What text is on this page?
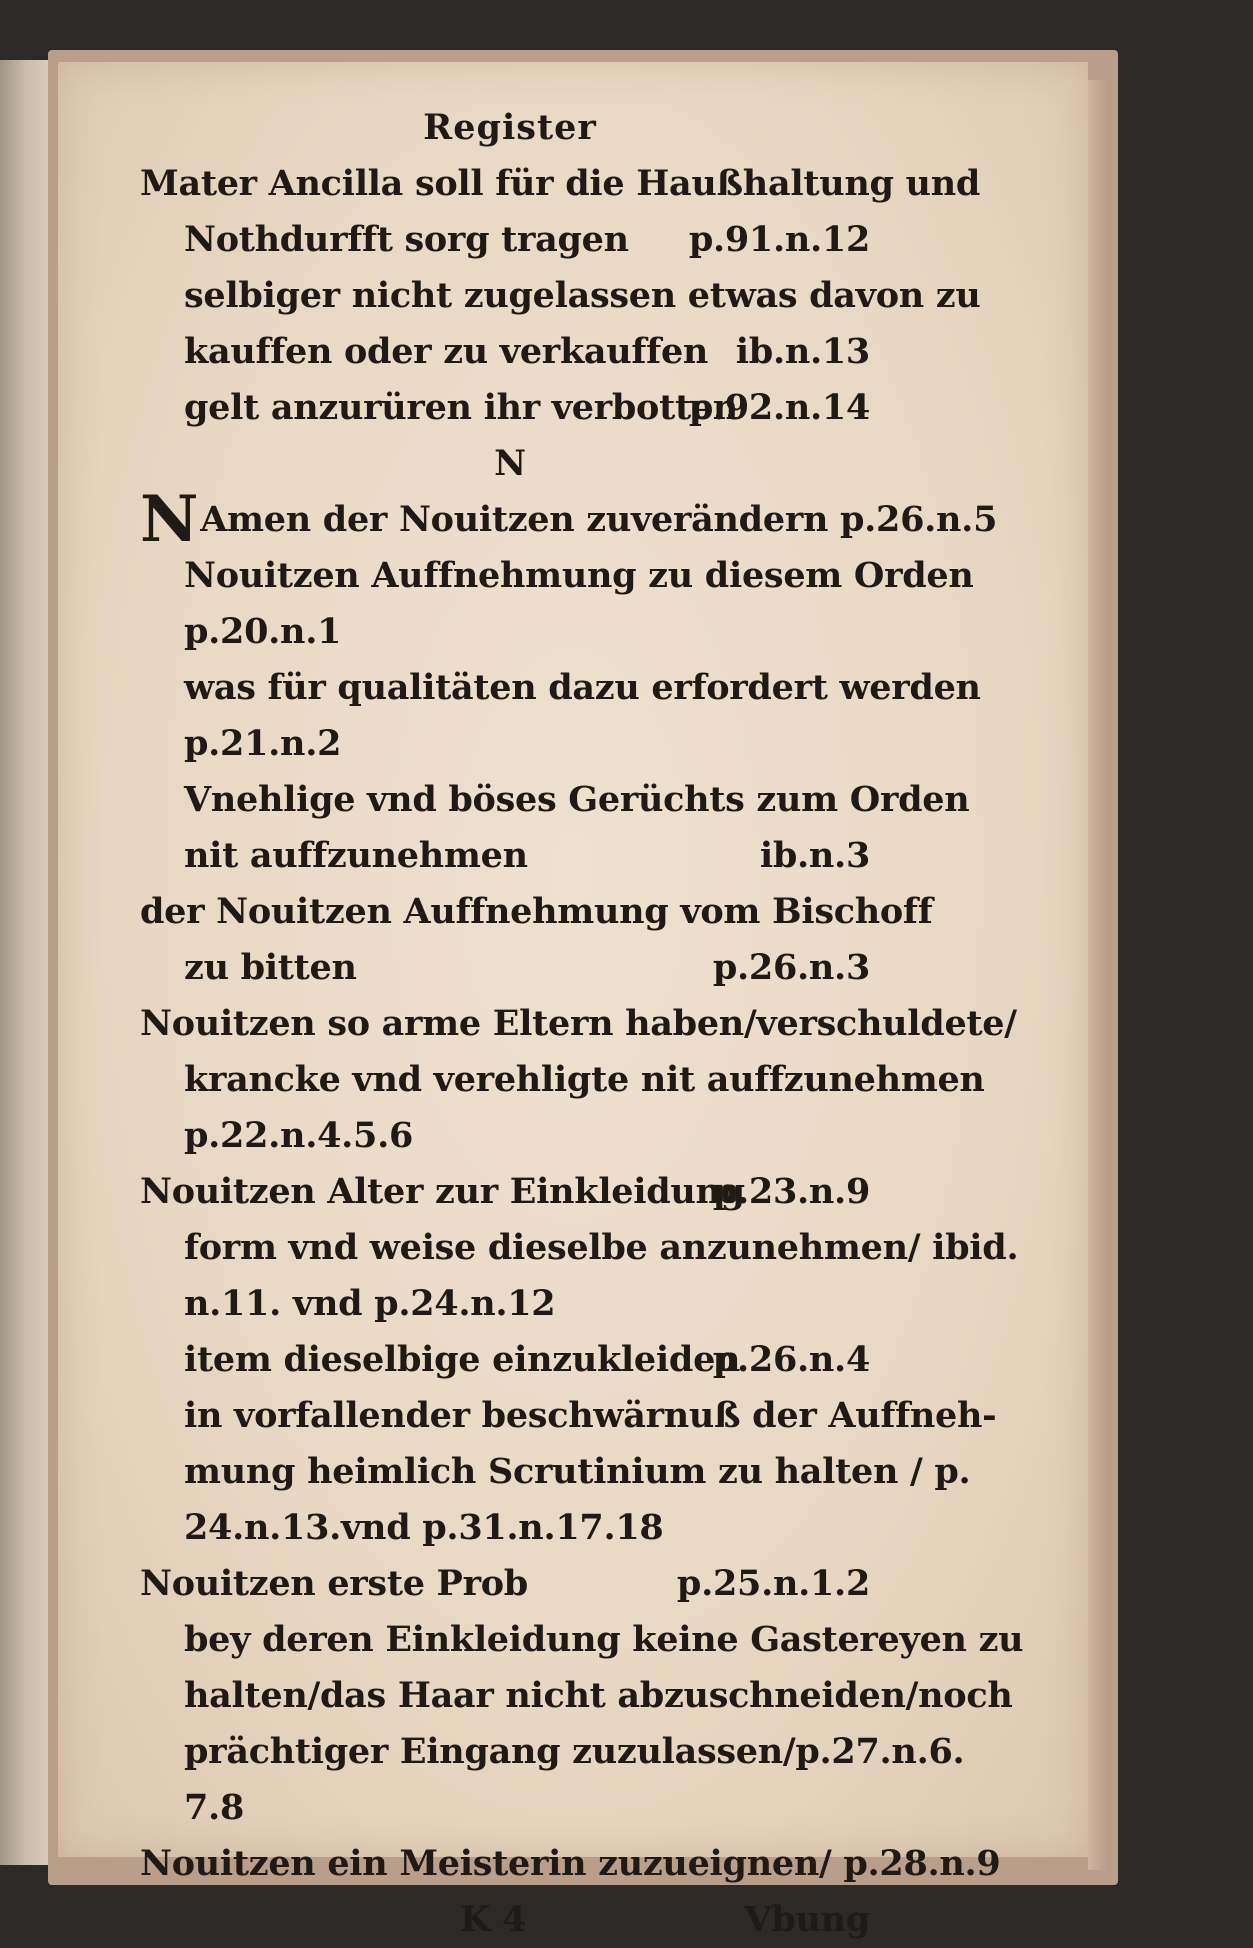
Register
Mater Ancilla soll für die Haußhaltung und
Nothdurfft sorg tragen p.91.n.12
selbiger nicht zugelassen etwas davon zu
kauffen oder zu verkauffen ib.n.13
gelt anzurüren ihr verbotten
p.92.n.14
N
NAmen der Nouitzen zuverändern p.26.n.5
Nouitzen Auffnehmung zu diesem Orden
p.20.n.1
was für qualitäten dazu erfordert werden
p.21.n.2
Vnehlige vnd böses Gerüchts zum Orden
nit auffzunehmen	ib.n.3
der Nouitzen Auffnehmung vom Bischoff
zu bitten	p.26.n.3
Nouitzen so arme Eltern haben/verschuldete/
krancke vnd verehligte nit auffzunehmen
p.22.n.4.5.6
Nouitzen Alter zur Einkleidung
p.23.n.9
form vnd weise dieselbe anzunehmen/ ibid.
n.11. vnd p.24.n.12
item dieselbige einzukleiden
p.26.n.4
in vorfallender beschwärnuß der Auffneh-
mung heimlich Scrutinium zu halten / p.
24.n.13.vnd p.31.n.17.18
Nouitzen erste Prob	p.25.n.1.2
bey deren Einkleidung keine Gastereyen zu
halten/das Haar nicht abzuschneiden/noch
prächtiger Eingang zuzulassen/p.27.n.6.
7.8
Nouitzen ein Meisterin zuzueignen/ p.28.n.9
K 4	Vbung
